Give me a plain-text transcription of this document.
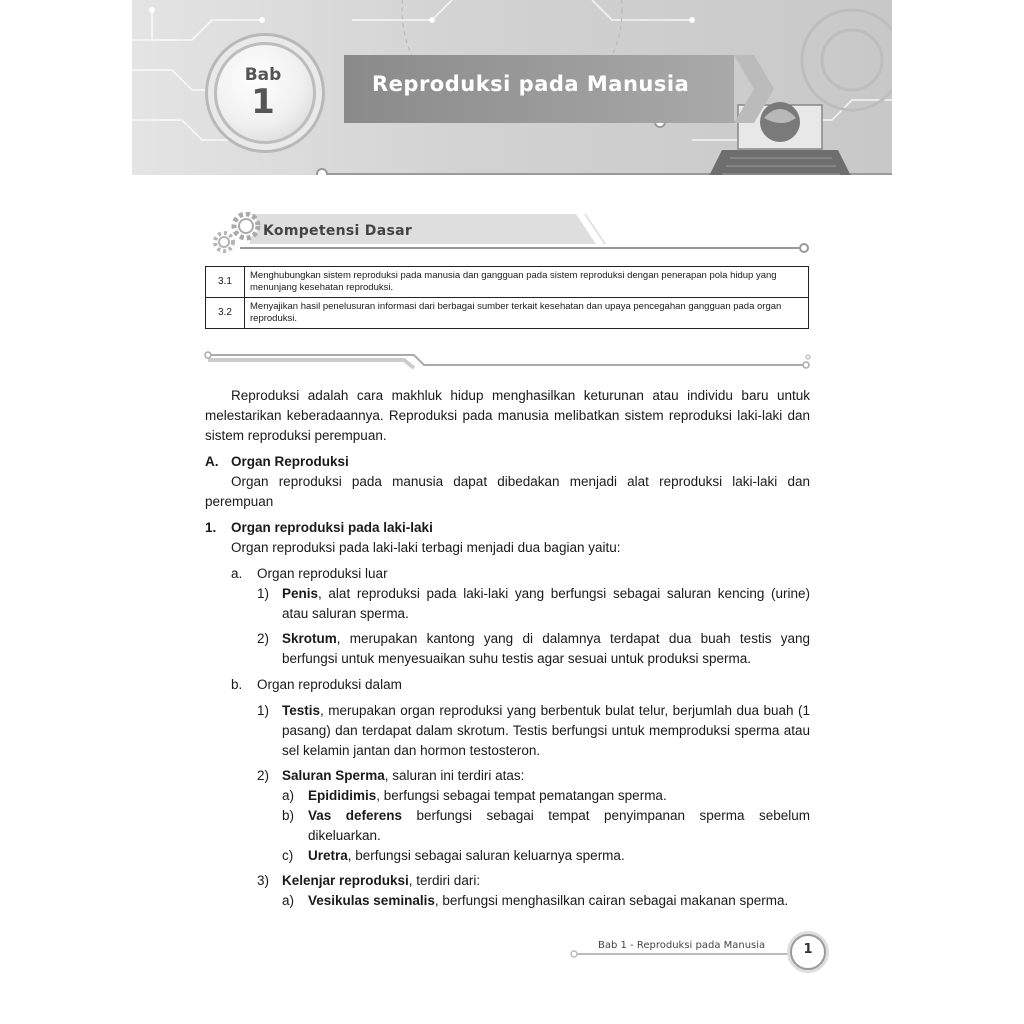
Reproduksi pada Manusia
Bab
1
Kompetensi Dasar
3.1	Menghubungkan sistem reproduksi pada manusia dan gangguan pada sistem reproduksi dengan penerapan pola hidup yang menunjang kesehatan reproduksi.
3.2	Menyajikan hasil penelusuran informasi dari berbagai sumber terkait kesehatan dan upaya pencegahan gangguan pada organ reproduksi.

Reproduksi adalah cara makhluk hidup menghasilkan keturunan atau individu baru untuk melestarikan keberadaannya. Reproduksi pada manusia melibatkan sistem reproduksi laki-laki dan sistem reproduksi perempuan.

A. Organ Reproduksi

Organ reproduksi pada manusia dapat dibedakan menjadi alat reproduksi laki-laki dan perempuan

1. Organ reproduksi pada laki-laki

Organ reproduksi pada laki-laki terbagi menjadi dua bagian yaitu:

a. Organ reproduksi luar
1) Penis, alat reproduksi pada laki-laki yang berfungsi sebagai saluran kencing (urine) atau saluran sperma.
2) Skrotum, merupakan kantong yang di dalamnya terdapat dua buah testis yang berfungsi untuk menyesuaikan suhu testis agar sesuai untuk produksi sperma.
b. Organ reproduksi dalam
1) Testis, merupakan organ reproduksi yang berbentuk bulat telur, berjumlah dua buah (1 pasang) dan terdapat dalam skrotum. Testis berfungsi untuk memproduksi sperma atau sel kelamin jantan dan hormon testosteron.
2) Saluran Sperma, saluran ini terdiri atas:
a) Epididimis, berfungsi sebagai tempat pematangan sperma.
b) Vas deferens berfungsi sebagai tempat penyimpanan sperma sebelum dikeluarkan.
c) Uretra, berfungsi sebagai saluran keluarnya sperma.
3) Kelenjar reproduksi, terdiri dari:
a) Vesikulas seminalis, berfungsi menghasilkan cairan sebagai makanan sperma.
Bab 1 - Reproduksi pada Manusia	1
